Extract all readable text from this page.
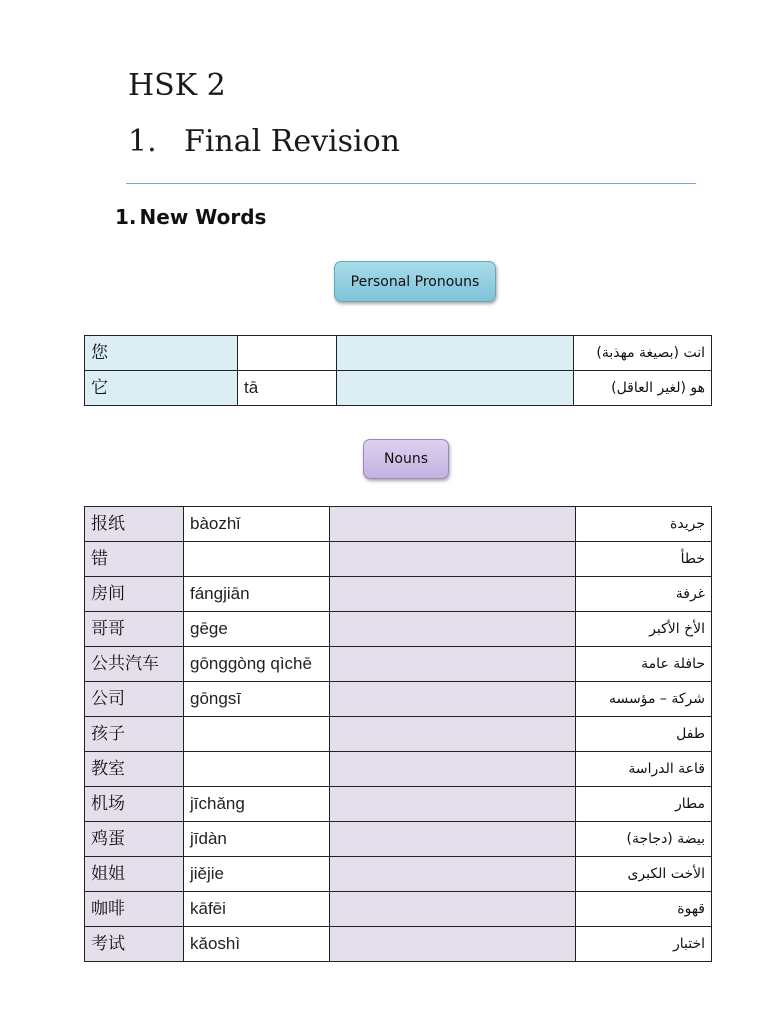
HSK 2
1. Final Revision
1. New Words
Personal Pronouns
您			انت (بصيغة مهذبة)
它	tā		هو (لغير العاقل)
Nouns
报纸	bàozhǐ		جريدة
错			خطأ
房间	fángjiān		غرفة
哥哥	gēge		الأخ الأكبر
公共汽车	gōnggòng qìchē		حافلة عامة
公司	gōngsī		شركة – مؤسسه
孩子			طفل
教室			قاعة الدراسة
机场	jīchǎng		مطار
鸡蛋	jīdàn		بيضة (دجاجة)
姐姐	jiějie		الأخت الكبرى
咖啡	kāfēi		قهوة
考试	kǎoshì		اختبار
